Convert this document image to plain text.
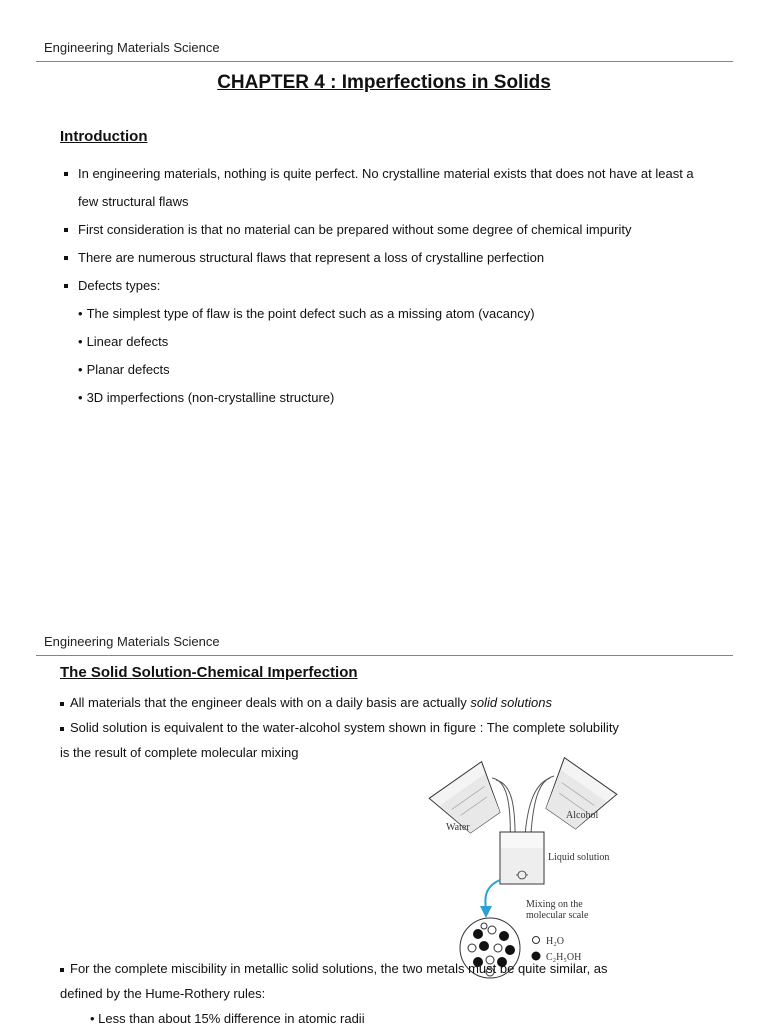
Engineering Materials Science
CHAPTER 4 : Imperfections in Solids
Introduction
In engineering materials, nothing is quite perfect. No crystalline material exists that does not have at least a few structural flaws
First consideration is that no material can be prepared without some degree of chemical impurity
There are numerous structural flaws that represent a loss of crystalline perfection
Defects types:
• The simplest type of flaw is the point defect such as a missing atom (vacancy)
• Linear defects
• Planar defects
• 3D imperfections (non-crystalline structure)
Engineering Materials Science
The Solid Solution-Chemical Imperfection
All materials that the engineer deals with on a daily basis are actually solid solutions
Solid solution is equivalent to the water-alcohol system shown in figure : The complete solubility
is the result of complete molecular mixing
Water
Alcohol
Liquid solution
Mixing on the
molecular scale
H₂O
C₂H₅OH
For the complete miscibility in metallic solid solutions, the two metals must be quite similar, as
defined by the Hume-Rothery rules:
• Less than about 15% difference in atomic radii
